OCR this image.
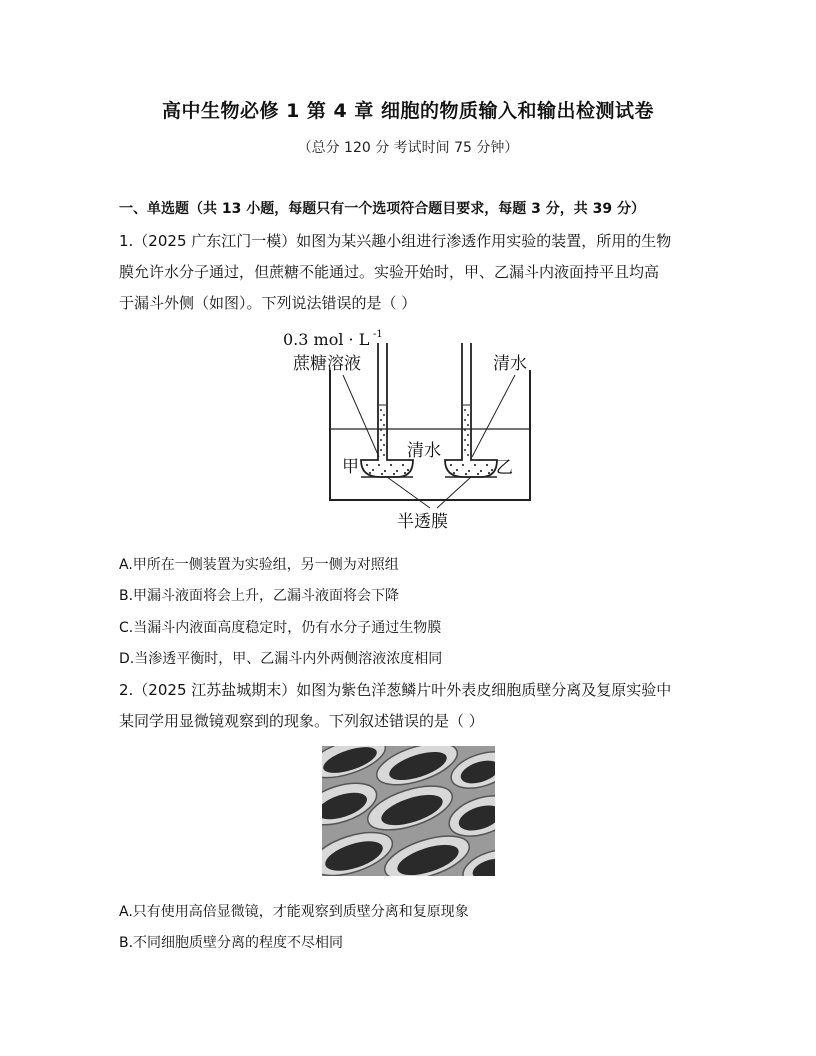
高中生物必修 1 第 4 章 细胞的物质输入和输出检测试卷
（总分 120 分 考试时间 75 分钟）
一、单选题（共 13 小题，每题只有一个选项符合题目要求，每题 3 分，共 39 分）
1.（2025 广东江门一模）如图为某兴趣小组进行渗透作用实验的装置，所用的生物
膜允许水分子通过，但蔗糖不能通过。实验开始时，甲、乙漏斗内液面持平且均高
于漏斗外侧（如图）。下列说法错误的是（ ）
0.3 mol · L -1
蔗糖溶液	清水
清水
甲	乙
半透膜
A.甲所在一侧装置为实验组，另一侧为对照组
B.甲漏斗液面将会上升，乙漏斗液面将会下降
C.当漏斗内液面高度稳定时，仍有水分子通过生物膜
D.当渗透平衡时，甲、乙漏斗内外两侧溶液浓度相同
2.（2025 江苏盐城期末）如图为紫色洋葱鳞片叶外表皮细胞质壁分离及复原实验中
某同学用显微镜观察到的现象。下列叙述错误的是（ ）
A.只有使用高倍显微镜，才能观察到质壁分离和复原现象
B.不同细胞质壁分离的程度不尽相同
